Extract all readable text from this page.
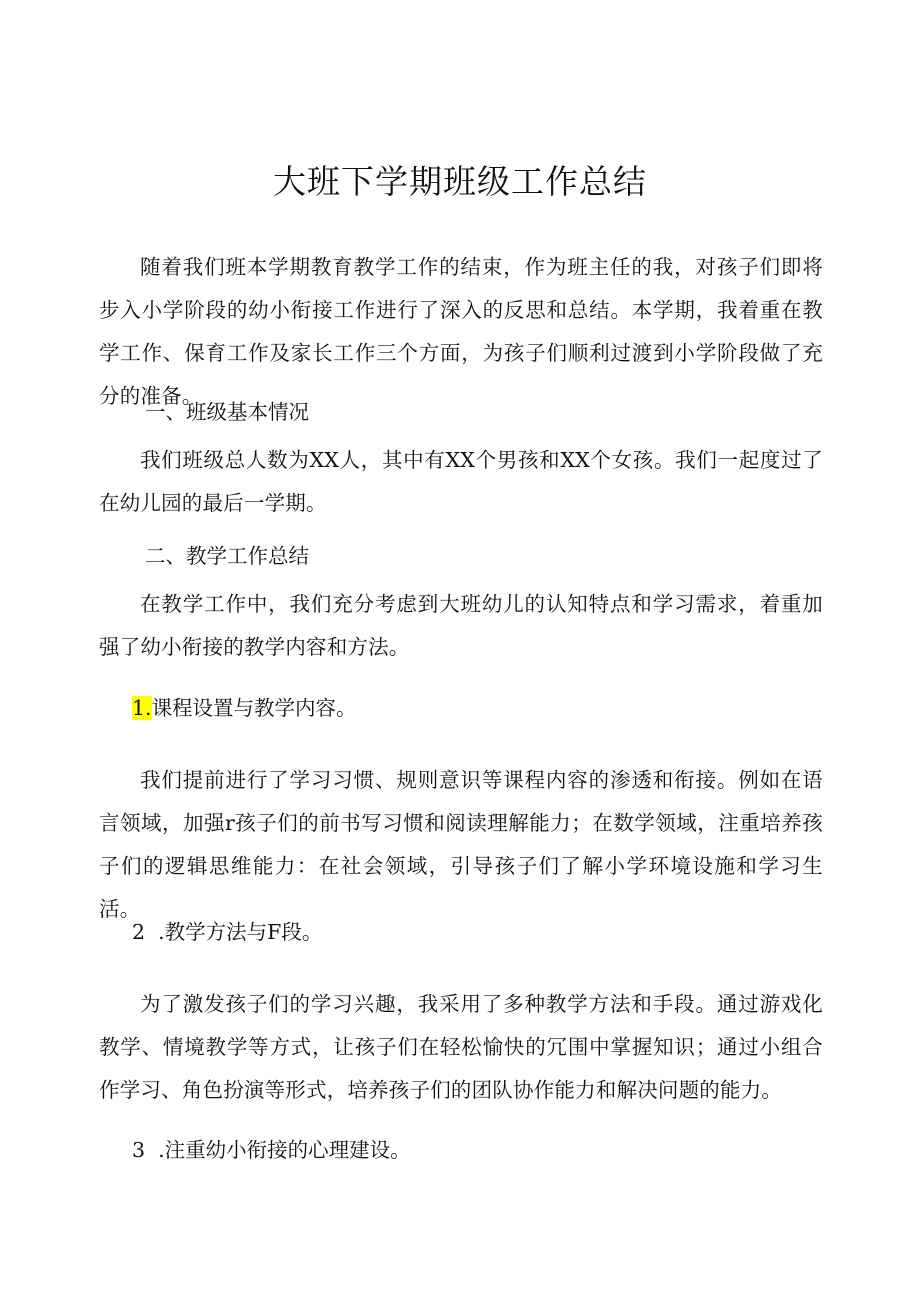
大班下学期班级工作总结

随着我们班本学期教育教学工作的结束，作为班主任的我，对孩子们即将步入小学阶段的幼小衔接工作进行了深入的反思和总结。本学期，我着重在教学工作、保育工作及家长工作三个方面，为孩子们顺利过渡到小学阶段做了充分的准备。

一、班级基本情况

我们班级总人数为XX人，其中有XX个男孩和XX个女孩。我们一起度过了在幼儿园的最后一学期。

二、教学工作总结

在教学工作中，我们充分考虑到大班幼儿的认知特点和学习需求，着重加强了幼小衔接的教学内容和方法。

1.课程设置与教学内容。

我们提前进行了学习习惯、规则意识等课程内容的渗透和衔接。例如在语言领域，加强r孩子们的前书写习惯和阅读理解能力；在数学领域，注重培养孩子们的逻辑思维能力：在社会领域，引导孩子们了解小学环境设施和学习生活。

2  .教学方法与F段。

为了激发孩子们的学习兴趣，我采用了多种教学方法和手段。通过游戏化教学、情境教学等方式，让孩子们在轻松愉快的冗围中掌握知识；通过小组合作学习、角色扮演等形式，培养孩子们的团队协作能力和解决问题的能力。

3  .注重幼小衔接的心理建设。
